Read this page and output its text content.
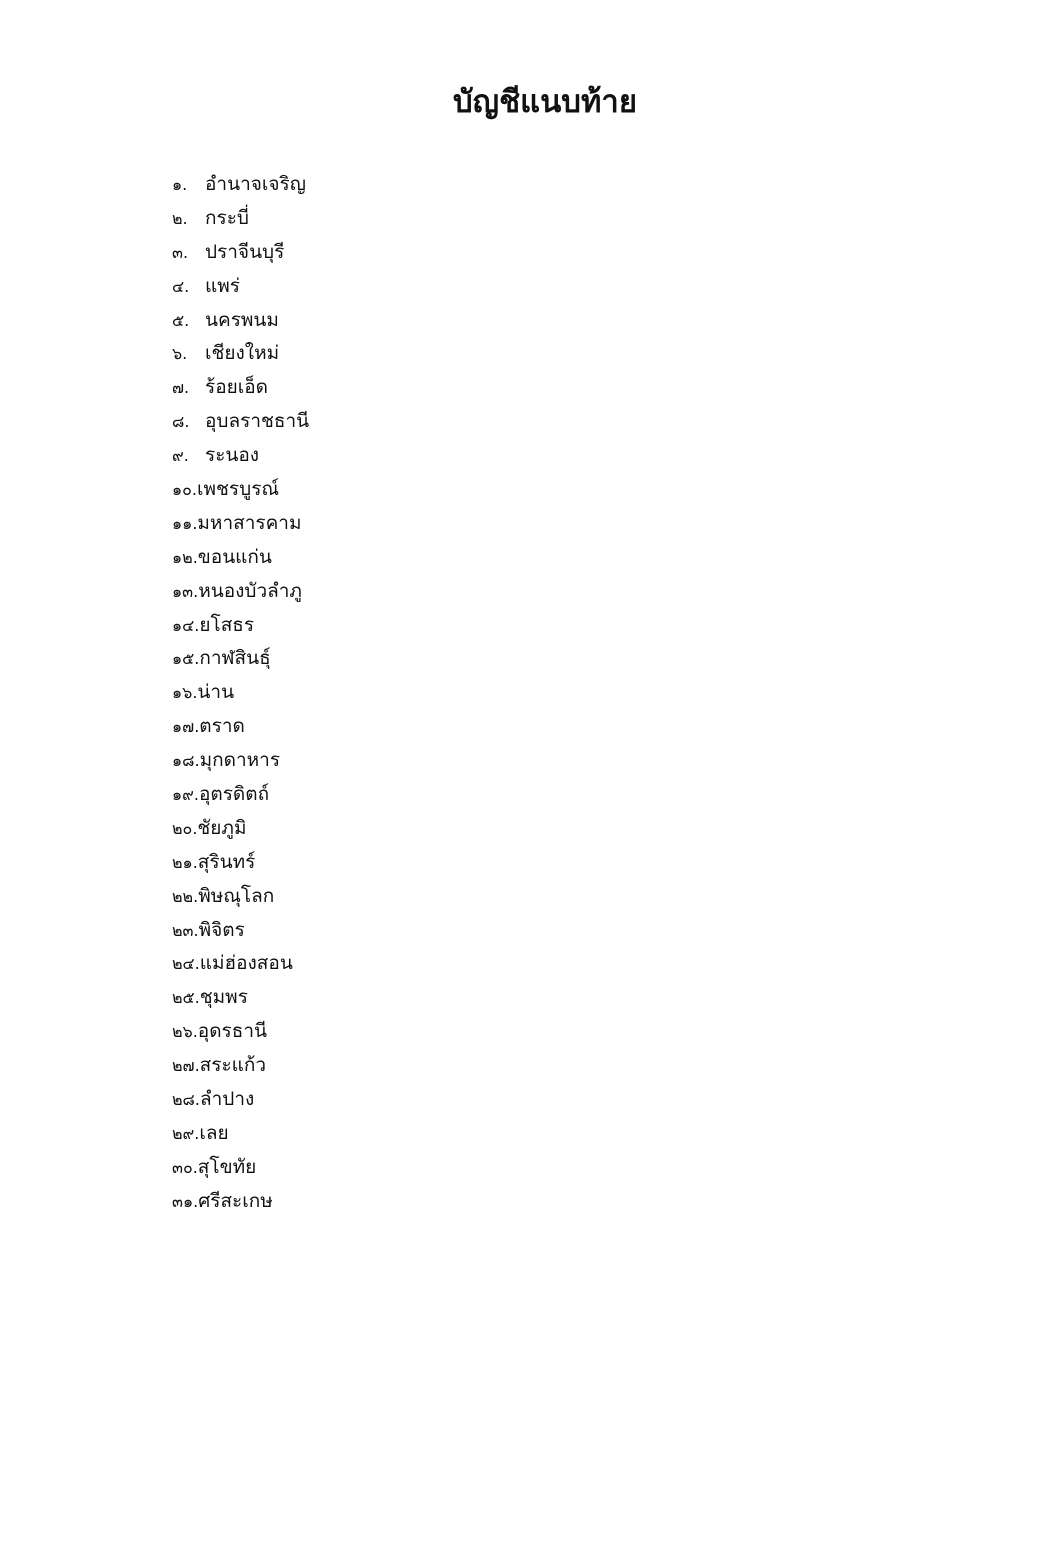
บัญชีแนบท้าย
๑. อำนาจเจริญ
๒. กระบี่
๓. ปราจีนบุรี
๔. แพร่
๕. นครพนม
๖. เชียงใหม่
๗. ร้อยเอ็ด
๘. อุบลราชธานี
๙. ระนอง
๑๐. เพชรบูรณ์
๑๑. มหาสารคาม
๑๒. ขอนแก่น
๑๓. หนองบัวลำภู
๑๔. ยโสธร
๑๕. กาฬสินธุ์
๑๖. น่าน
๑๗. ตราด
๑๘. มุกดาหาร
๑๙. อุตรดิตถ์
๒๐. ชัยภูมิ
๒๑. สุรินทร์
๒๒. พิษณุโลก
๒๓. พิจิตร
๒๔. แม่ฮ่องสอน
๒๕. ชุมพร
๒๖. อุดรธานี
๒๗. สระแก้ว
๒๘. ลำปาง
๒๙. เลย
๓๐. สุโขทัย
๓๑. ศรีสะเกษ
